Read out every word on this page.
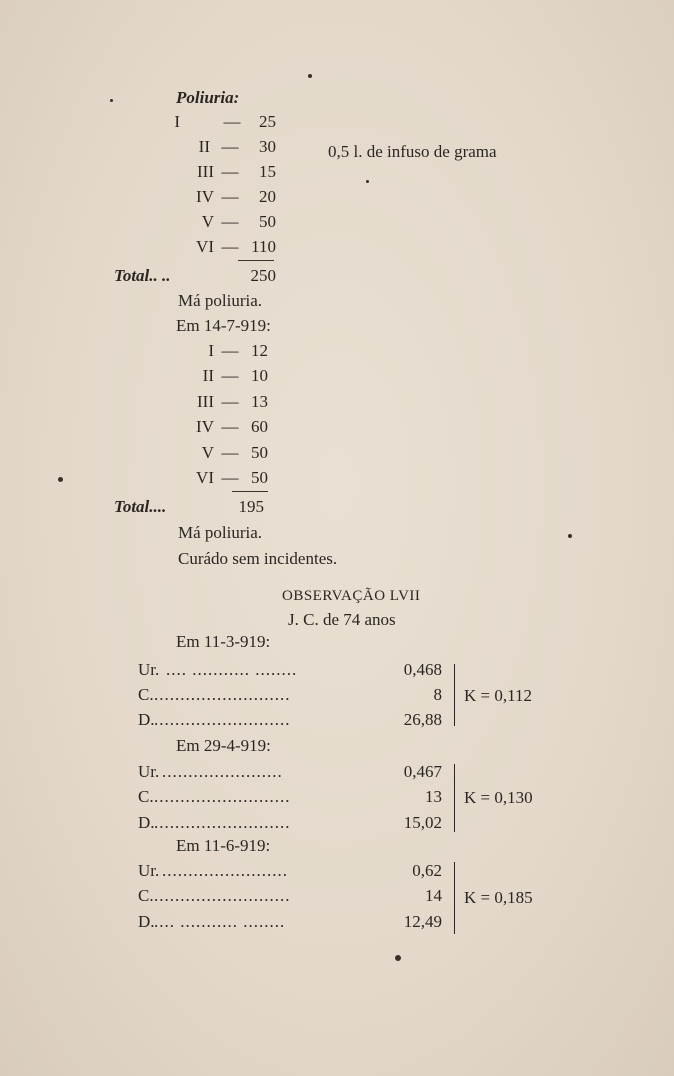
Poliuria:
I	—	25
II —	30
III —	15
IV —	20
V —	50
VI — 110
0,5 l. de infuso de grama
Total.. ..	250
Má poliuria.
Em 14-7-919:
I — 12
II — 10
III — 13
IV — 60
V — 50
VI — 50
Total....	195
Má poliuria.
Curádo sem incidentes.
OBSERVAÇÃO LVII
J. C. de 74 anos
Em 11-3-919:
Ur. .... ........... ........	0,468
C. ..........................	8
D. ..........................	26,88
K = 0,112
Em 29-4-919:
Ur. .......................	0,467
C. ..........................	13
D. ..........................	15,02
K = 0,130
Em 11-6-919:
Ur. ........................	0,62
C. ..........................	14
D. .... ........... ........	12,49
K = 0,185
